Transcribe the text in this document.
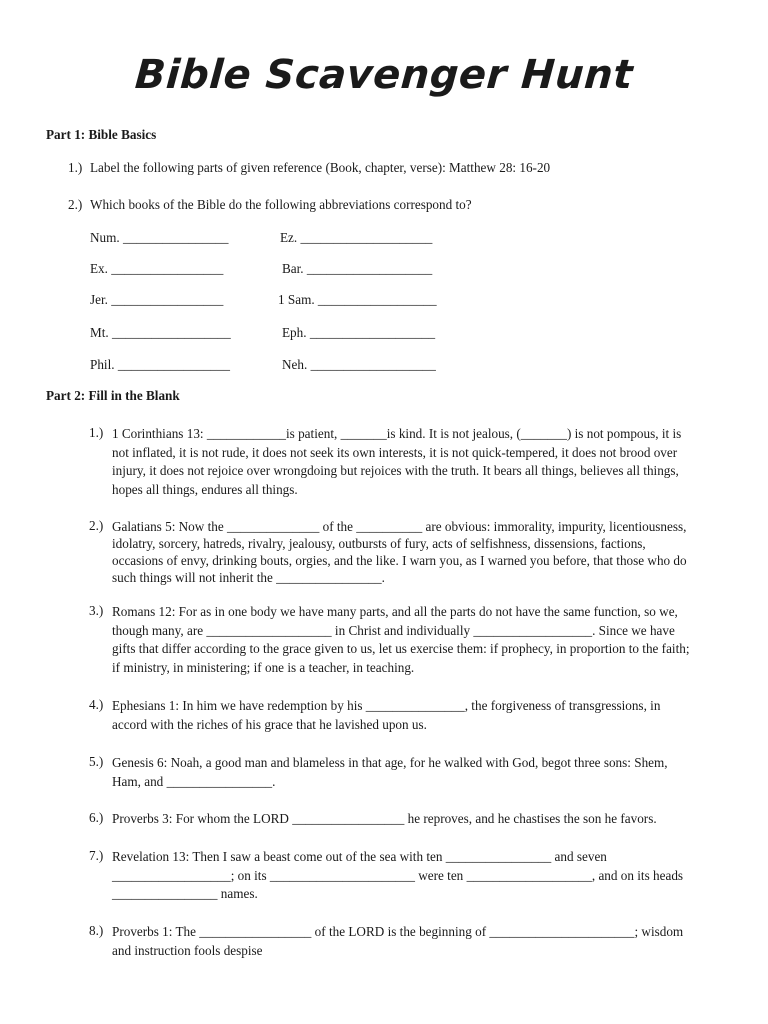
Bible Scavenger Hunt
Part 1: Bible Basics
1.) Label the following parts of given reference (Book, chapter, verse): Matthew 28: 16-20
2.) Which books of the Bible do the following abbreviations correspond to?
Num. ________________
Ex. _________________
Jer. _________________
Mt. __________________
Phil. _________________
Ez. ____________________
Bar. ___________________
1 Sam. __________________
Eph. ___________________
Neh. ___________________
Part 2: Fill in the Blank
1.) 1 Corinthians 13: ____________is patient, _______is kind. It is not jealous, (_______) is not pompous, it is
not inflated, it is not rude, it does not seek its own interests, it is not quick-tempered, it does not brood over
injury, it does not rejoice over wrongdoing but rejoices with the truth. It bears all things, believes all things,
hopes all things, endures all things.
2.) Galatians 5: Now the ______________ of the __________ are obvious: immorality, impurity, licentiousness,
idolatry, sorcery, hatreds, rivalry, jealousy, outbursts of fury, acts of selfishness, dissensions, factions,
occasions of envy, drinking bouts, orgies, and the like. I warn you, as I warned you before, that those who do
such things will not inherit the ________________.
3.) Romans 12: For as in one body we have many parts, and all the parts do not have the same function, so we,
though many, are ___________________ in Christ and individually __________________. Since we have
gifts that differ according to the grace given to us, let us exercise them: if prophecy, in proportion to the faith;
if ministry, in ministering; if one is a teacher, in teaching.
4.) Ephesians 1: In him we have redemption by his _______________, the forgiveness of transgressions, in
accord with the riches of his grace that he lavished upon us.
5.) Genesis 6: Noah, a good man and blameless in that age, for he walked with God, begot three sons: Shem,
Ham, and ________________.
6.) Proverbs 3: For whom the LORD _________________ he reproves, and he chastises the son he favors.
7.) Revelation 13: Then I saw a beast come out of the sea with ten ________________ and seven
__________________; on its ______________________ were ten ___________________, and on its heads
________________ names.
8.) Proverbs 1: The _________________ of the LORD is the beginning of ______________________; wisdom
and instruction fools despise
